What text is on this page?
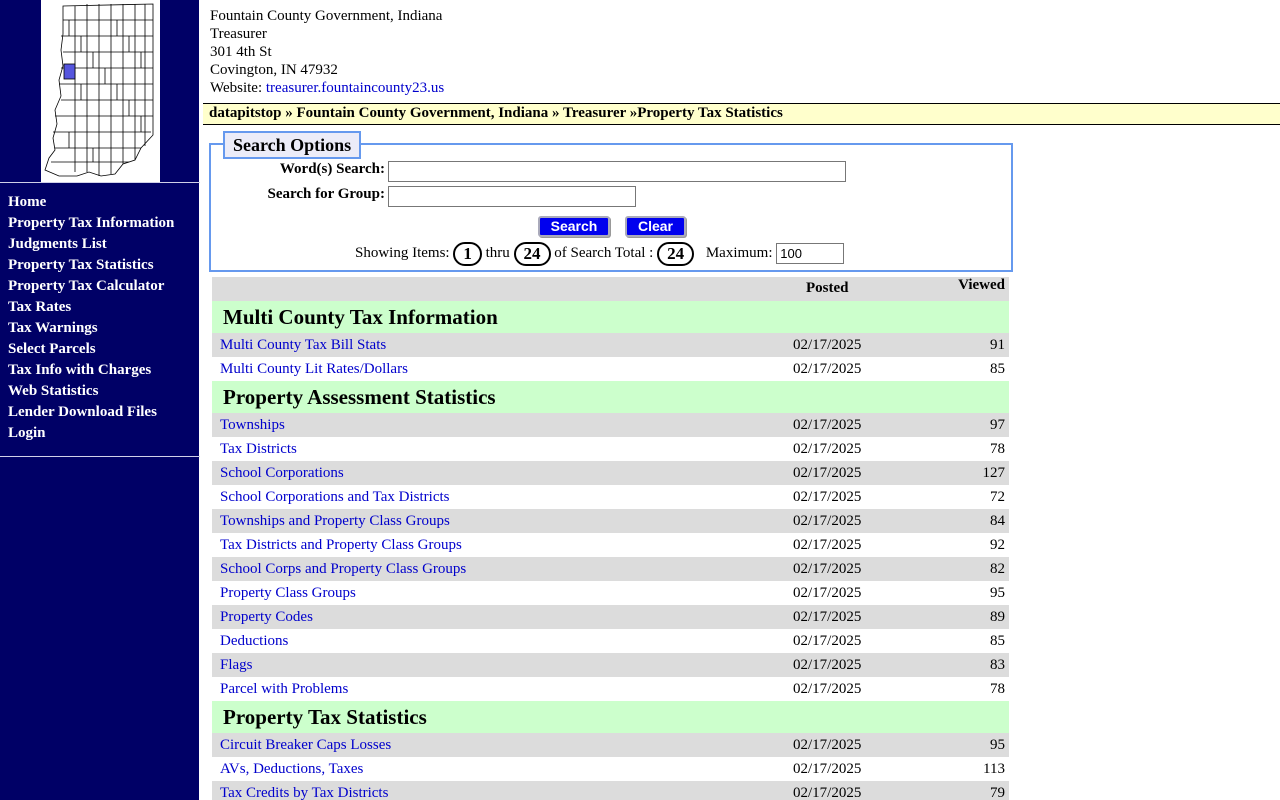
Home
Property Tax Information
Judgments List
Property Tax Statistics
Property Tax Calculator
Tax Rates
Tax Warnings
Select Parcels
Tax Info with Charges
Web Statistics
Lender Download Files
Login
Fountain County Government, Indiana
Treasurer
301 4th St
Covington, IN 47932
Website: treasurer.fountaincounty23.us
datapitstop » Fountain County Government, Indiana » Treasurer »Property Tax Statistics
Search Options
Word(s) Search:
Search for Group:
Search	Clear
Showing Items: 1 thru 24 of Search Total : 24 Maximum: 100
Posted	Viewed
Multi County Tax Information
Multi County Tax Bill Stats	02/17/2025	91
Multi County Lit Rates/Dollars	02/17/2025	85
Property Assessment Statistics
Townships	02/17/2025	97
Tax Districts	02/17/2025	78
School Corporations	02/17/2025	127
School Corporations and Tax Districts	02/17/2025	72
Townships and Property Class Groups	02/17/2025	84
Tax Districts and Property Class Groups	02/17/2025	92
School Corps and Property Class Groups	02/17/2025	82
Property Class Groups	02/17/2025	95
Property Codes	02/17/2025	89
Deductions	02/17/2025	85
Flags	02/17/2025	83
Parcel with Problems	02/17/2025	78
Property Tax Statistics
Circuit Breaker Caps Losses	02/17/2025	95
AVs, Deductions, Taxes	02/17/2025	113
Tax Credits by Tax Districts	02/17/2025	79
